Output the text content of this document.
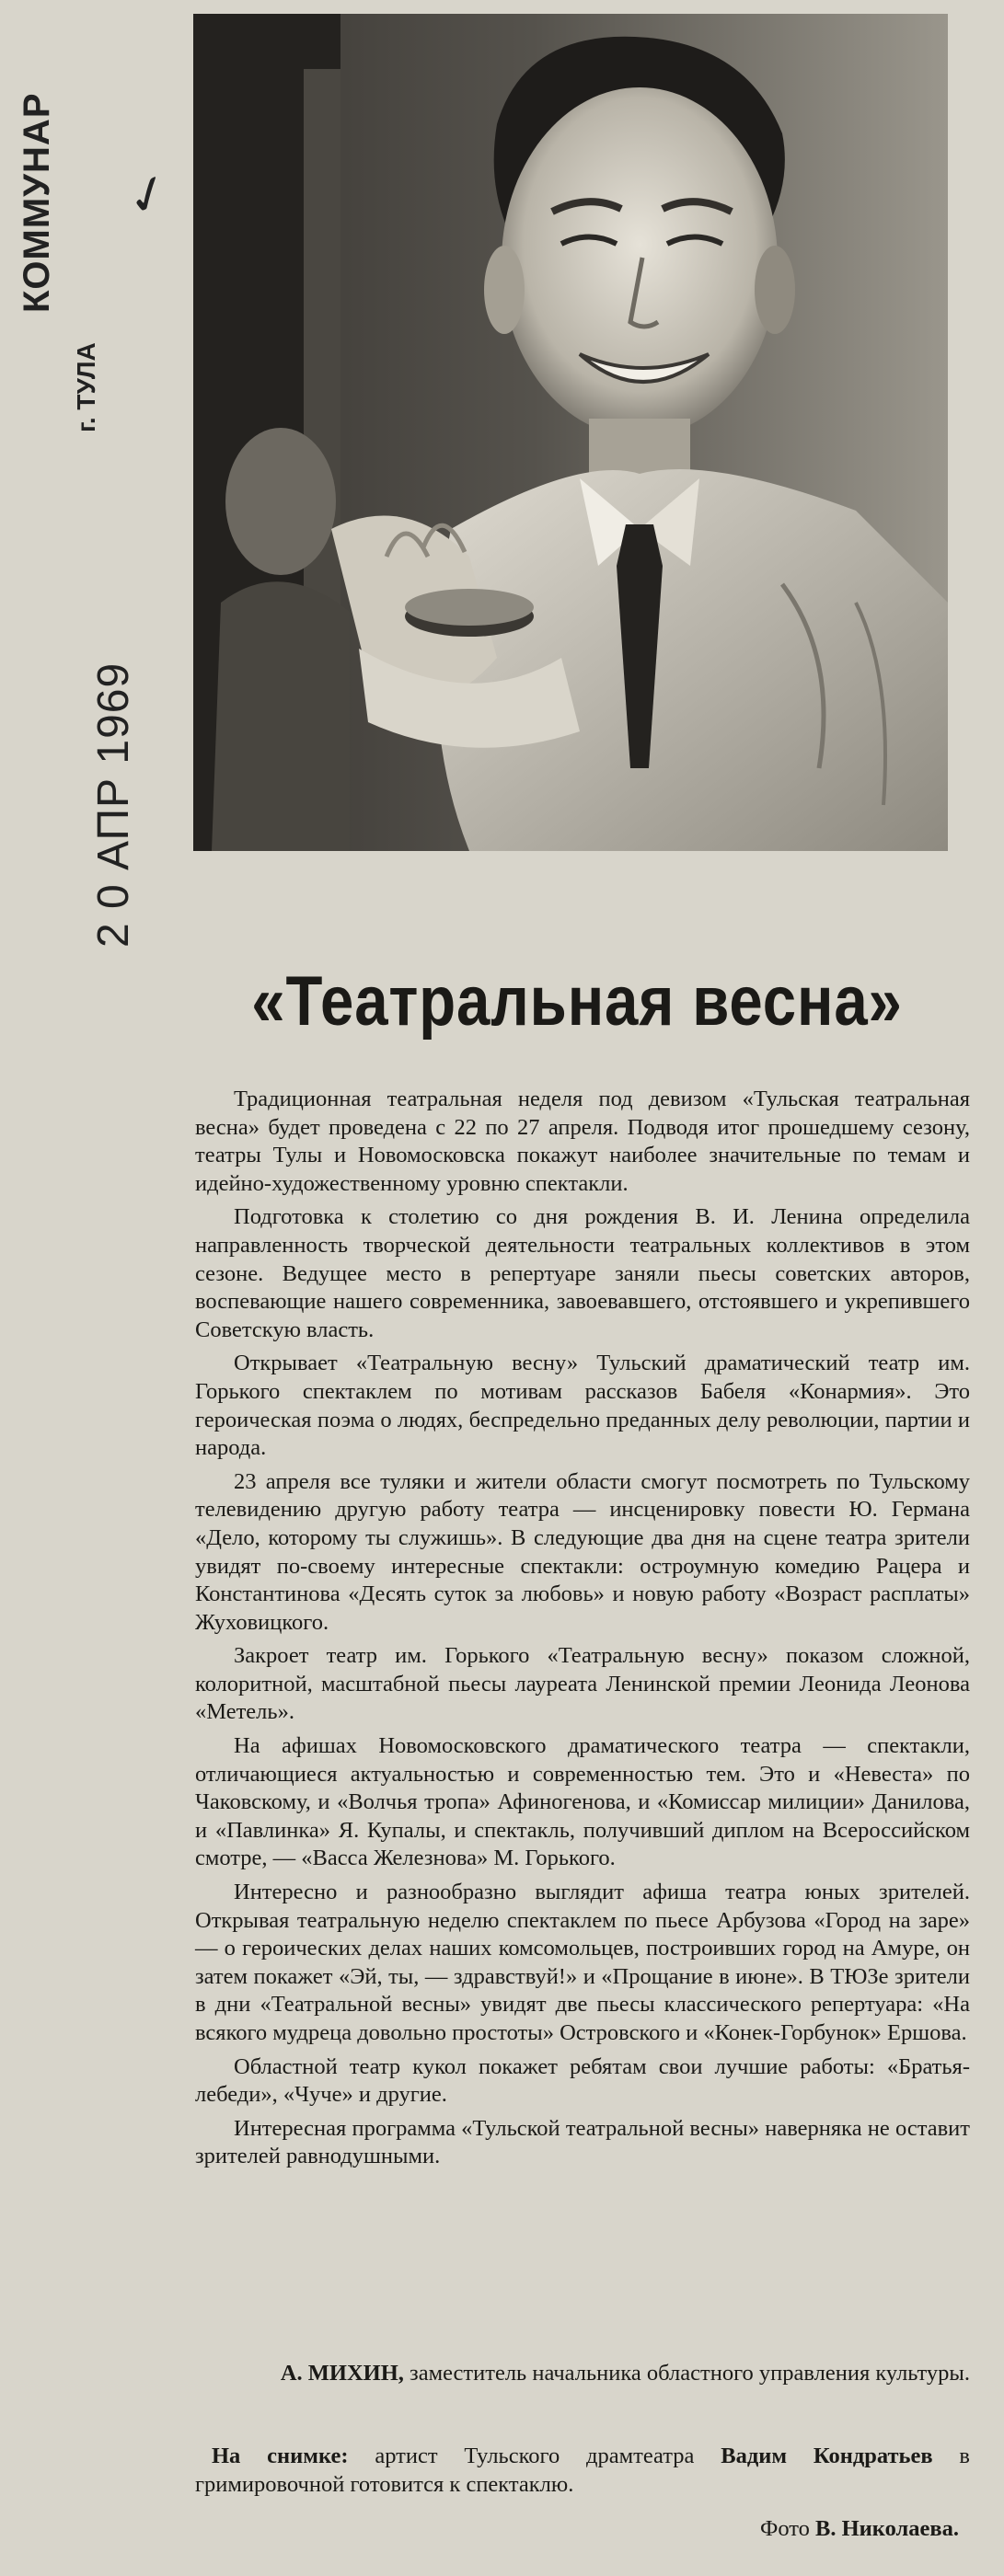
КОММУНАР
г. ТУЛА
2 0 АПР 1969
✓
«Театральная весна»

Традиционная театральная неделя под девизом «Тульская театральная весна» будет проведена с 22 по 27 апреля. Подводя итог прошедшему сезону, театры Тулы и Новомосковска покажут наиболее значительные по темам и идейно-художественному уровню спектакли.

Подготовка к столетию со дня рождения В. И. Ленина определила направленность творческой деятельности театральных коллективов в этом сезоне. Ведущее место в репертуаре заняли пьесы советских авторов, воспевающие нашего современника, завоевавшего, отстоявшего и укрепившего Советскую власть.

Открывает «Театральную весну» Тульский драматический театр им. Горького спектаклем по мотивам рассказов Бабеля «Конармия». Это героическая поэма о людях, беспредельно преданных делу революции, партии и народа.

23 апреля все туляки и жители области смогут посмотреть по Тульскому телевидению другую работу театра — инсценировку повести Ю. Германа «Дело, которому ты служишь». В следующие два дня на сцене театра зрители увидят по-своему интересные спектакли: остроумную комедию Рацера и Константинова «Десять суток за любовь» и новую работу «Возраст расплаты» Жуховицкого.

Закроет театр им. Горького «Театральную весну» показом сложной, колоритной, масштабной пьесы лауреата Ленинской премии Леонида Леонова «Метель».

На афишах Новомосковского драматического театра — спектакли, отличающиеся актуальностью и современностью тем. Это и «Невеста» по Чаковскому, и «Волчья тропа» Афиногенова, и «Комиссар милиции» Данилова, и «Павлинка» Я. Купалы, и спектакль, получивший диплом на Всероссийском смотре, — «Васса Железнова» М. Горького.

Интересно и разнообразно выглядит афиша театра юных зрителей. Открывая театральную неделю спектаклем по пьесе Арбузова «Город на заре» — о героических делах наших комсомольцев, построивших город на Амуре, он затем покажет «Эй, ты, — здравствуй!» и «Прощание в июне». В ТЮЗе зрители в дни «Театральной весны» увидят две пьесы классического репертуара: «На всякого мудреца довольно простоты» Островского и «Конек-Горбунок» Ершова.

Областной театр кукол покажет ребятам свои лучшие работы: «Братья-лебеди», «Чуче» и другие.

Интересная программа «Тульской театральной весны» наверняка не оставит зрителей равнодушными.

А. МИХИН, заместитель начальника областного управления культуры.
На снимке: артист Тульского драмтеатра Вадим Кондратьев в гримировочной готовится к спектаклю.
Фото В. Николаева.
